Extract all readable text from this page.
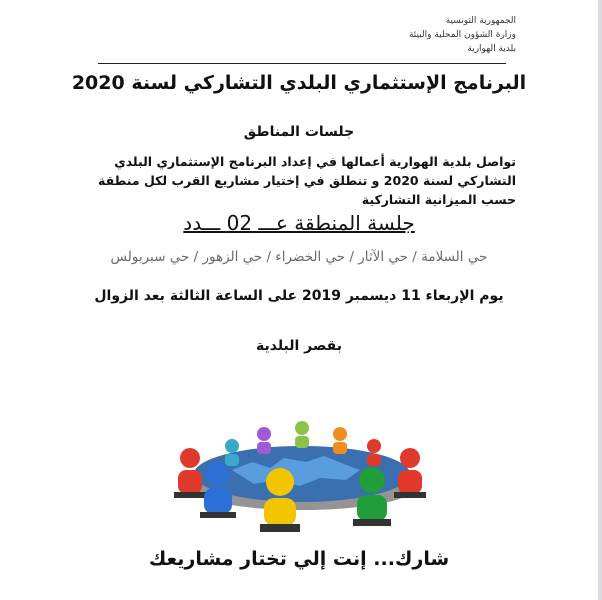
الجمهورية التونسية
وزارة الشؤون المحلية والبيئة
بلدية الهوارية
البرنامج الإستثماري البلدي التشاركي لسنة 2020
جلسات المناطق
تواصل بلدية الهوارية أعمالها في إعداد البرنامج الإستثماري البلدي التشاركي لسنة 2020 و تنطلق في إختيار مشاريع القرب لكل منطقة حسب الميزانية التشاركية
جلسة المنطقة عـــ 02 ـــدد
حي السلامة / حي الآثار / حي الخضراء / حي الزهور / حي سبربولس
يوم الإربعاء 11 ديسمبر 2019 على الساعة الثالثة بعد الزوال
بقصر البلدية
شارك... إنت إلي تختار مشاريعك
